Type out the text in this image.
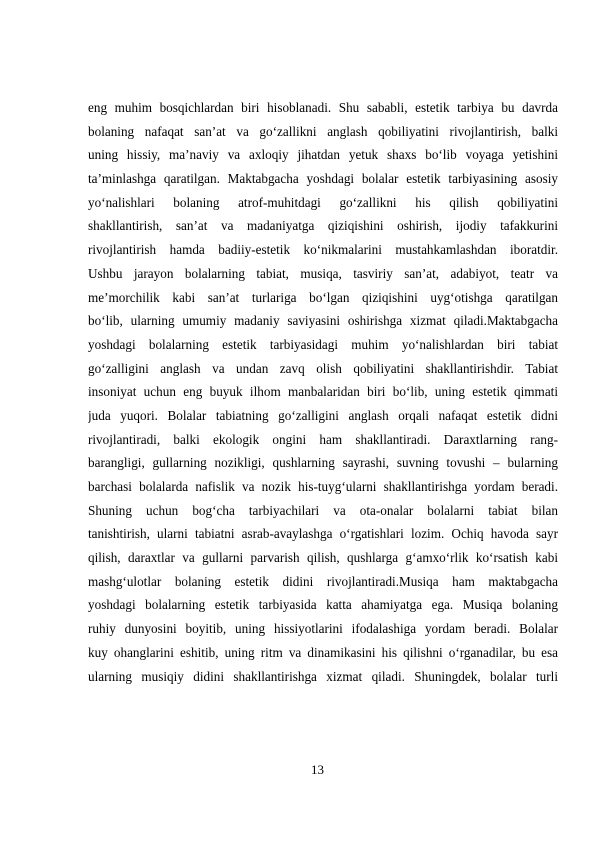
eng muhim bosqichlardan biri hisoblanadi. Shu sababli, estetik tarbiya bu davrda
bolaning nafaqat san’at va go‘zallikni anglash qobiliyatini rivojlantirish, balki
uning hissiy, ma’naviy va axloqiy jihatdan yetuk shaxs bo‘lib voyaga yetishini
ta’minlashga qaratilgan. Maktabgacha yoshdagi bolalar estetik tarbiyasining asosiy
yo‘nalishlari bolaning atrof-muhitdagi go‘zallikni his qilish qobiliyatini
shakllantirish, san’at va madaniyatga qiziqishini oshirish, ijodiy tafakkurini
rivojlantirish hamda badiiy-estetik ko‘nikmalarini mustahkamlashdan iboratdir.
Ushbu jarayon bolalarning tabiat, musiqa, tasviriy san’at, adabiyot, teatr va
me’morchilik kabi san’at turlariga bo‘lgan qiziqishini uyg‘otishga qaratilgan
bo‘lib, ularning umumiy madaniy saviyasini oshirishga xizmat qiladi.Maktabgacha
yoshdagi bolalarning estetik tarbiyasidagi muhim yo‘nalishlardan biri tabiat
go‘zalligini anglash va undan zavq olish qobiliyatini shakllantirishdir. Tabiat
insoniyat uchun eng buyuk ilhom manbalaridan biri bo‘lib, uning estetik qimmati
juda yuqori. Bolalar tabiatning go‘zalligini anglash orqali nafaqat estetik didni
rivojlantiradi, balki ekologik ongini ham shakllantiradi. Daraxtlarning rang-
barangligi, gullarning nozikligi, qushlarning sayrashi, suvning tovushi – bularning
barchasi bolalarda nafislik va nozik his-tuyg‘ularni shakllantirishga yordam beradi.
Shuning uchun bog‘cha tarbiyachilari va ota-onalar bolalarni tabiat bilan
tanishtirish, ularni tabiatni asrab-avaylashga o‘rgatishlari lozim. Ochiq havoda sayr
qilish, daraxtlar va gullarni parvarish qilish, qushlarga g‘amxo‘rlik ko‘rsatish kabi
mashg‘ulotlar bolaning estetik didini rivojlantiradi.Musiqa ham maktabgacha
yoshdagi bolalarning estetik tarbiyasida katta ahamiyatga ega. Musiqa bolaning
ruhiy dunyosini boyitib, uning hissiyotlarini ifodalashiga yordam beradi. Bolalar
kuy ohanglarini eshitib, uning ritm va dinamikasini his qilishni o‘rganadilar, bu esa
ularning musiqiy didini shakllantirishga xizmat qiladi. Shuningdek, bolalar turli
13
